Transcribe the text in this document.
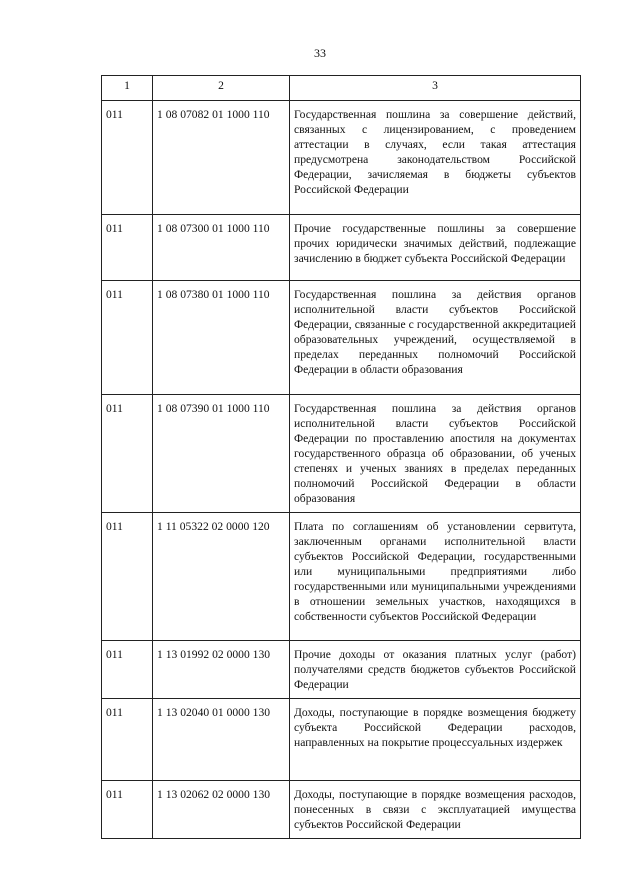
33
1	2	3
011	1 08 07082 01 1000 110	Государственная пошлина за совершение действий, связанных с лицензированием, с проведением аттестации в случаях, если такая аттестация предусмотрена законодательством Российской Федерации, зачисляемая в бюджеты субъектов Российской Федерации
011	1 08 07300 01 1000 110	Прочие государственные пошлины за совершение прочих юридически значимых действий, подлежащие зачислению в бюджет субъекта Российской Федерации
011	1 08 07380 01 1000 110	Государственная пошлина за действия органов исполнительной власти субъектов Российской Федерации, связанные с государственной аккредитацией образовательных учреждений, осуществляемой в пределах переданных полномочий Российской Федерации в области образования
011	1 08 07390 01 1000 110	Государственная пошлина за действия органов исполнительной власти субъектов Российской Федерации по проставлению апостиля на документах государственного образца об образовании, об ученых степенях и ученых званиях в пределах переданных полномочий Российской Федерации в области образования
011	1 11 05322 02 0000 120	Плата по соглашениям об установлении сервитута, заключенным органами исполнительной власти субъектов Российской Федерации, государственными или муниципальными предприятиями либо государственными или муниципальными учреждениями в отношении земельных участков, находящихся в собственности субъектов Российской Федерации
011	1 13 01992 02 0000 130	Прочие доходы от оказания платных услуг (работ) получателями средств бюджетов субъектов Российской Федерации
011	1 13 02040 01 0000 130	Доходы, поступающие в порядке возмещения бюджету субъекта Российской Федерации расходов, направленных на покрытие процессуальных издержек
011	1 13 02062 02 0000 130	Доходы, поступающие в порядке возмещения расходов, понесенных в связи с эксплуатацией имущества субъектов Российской Федерации
